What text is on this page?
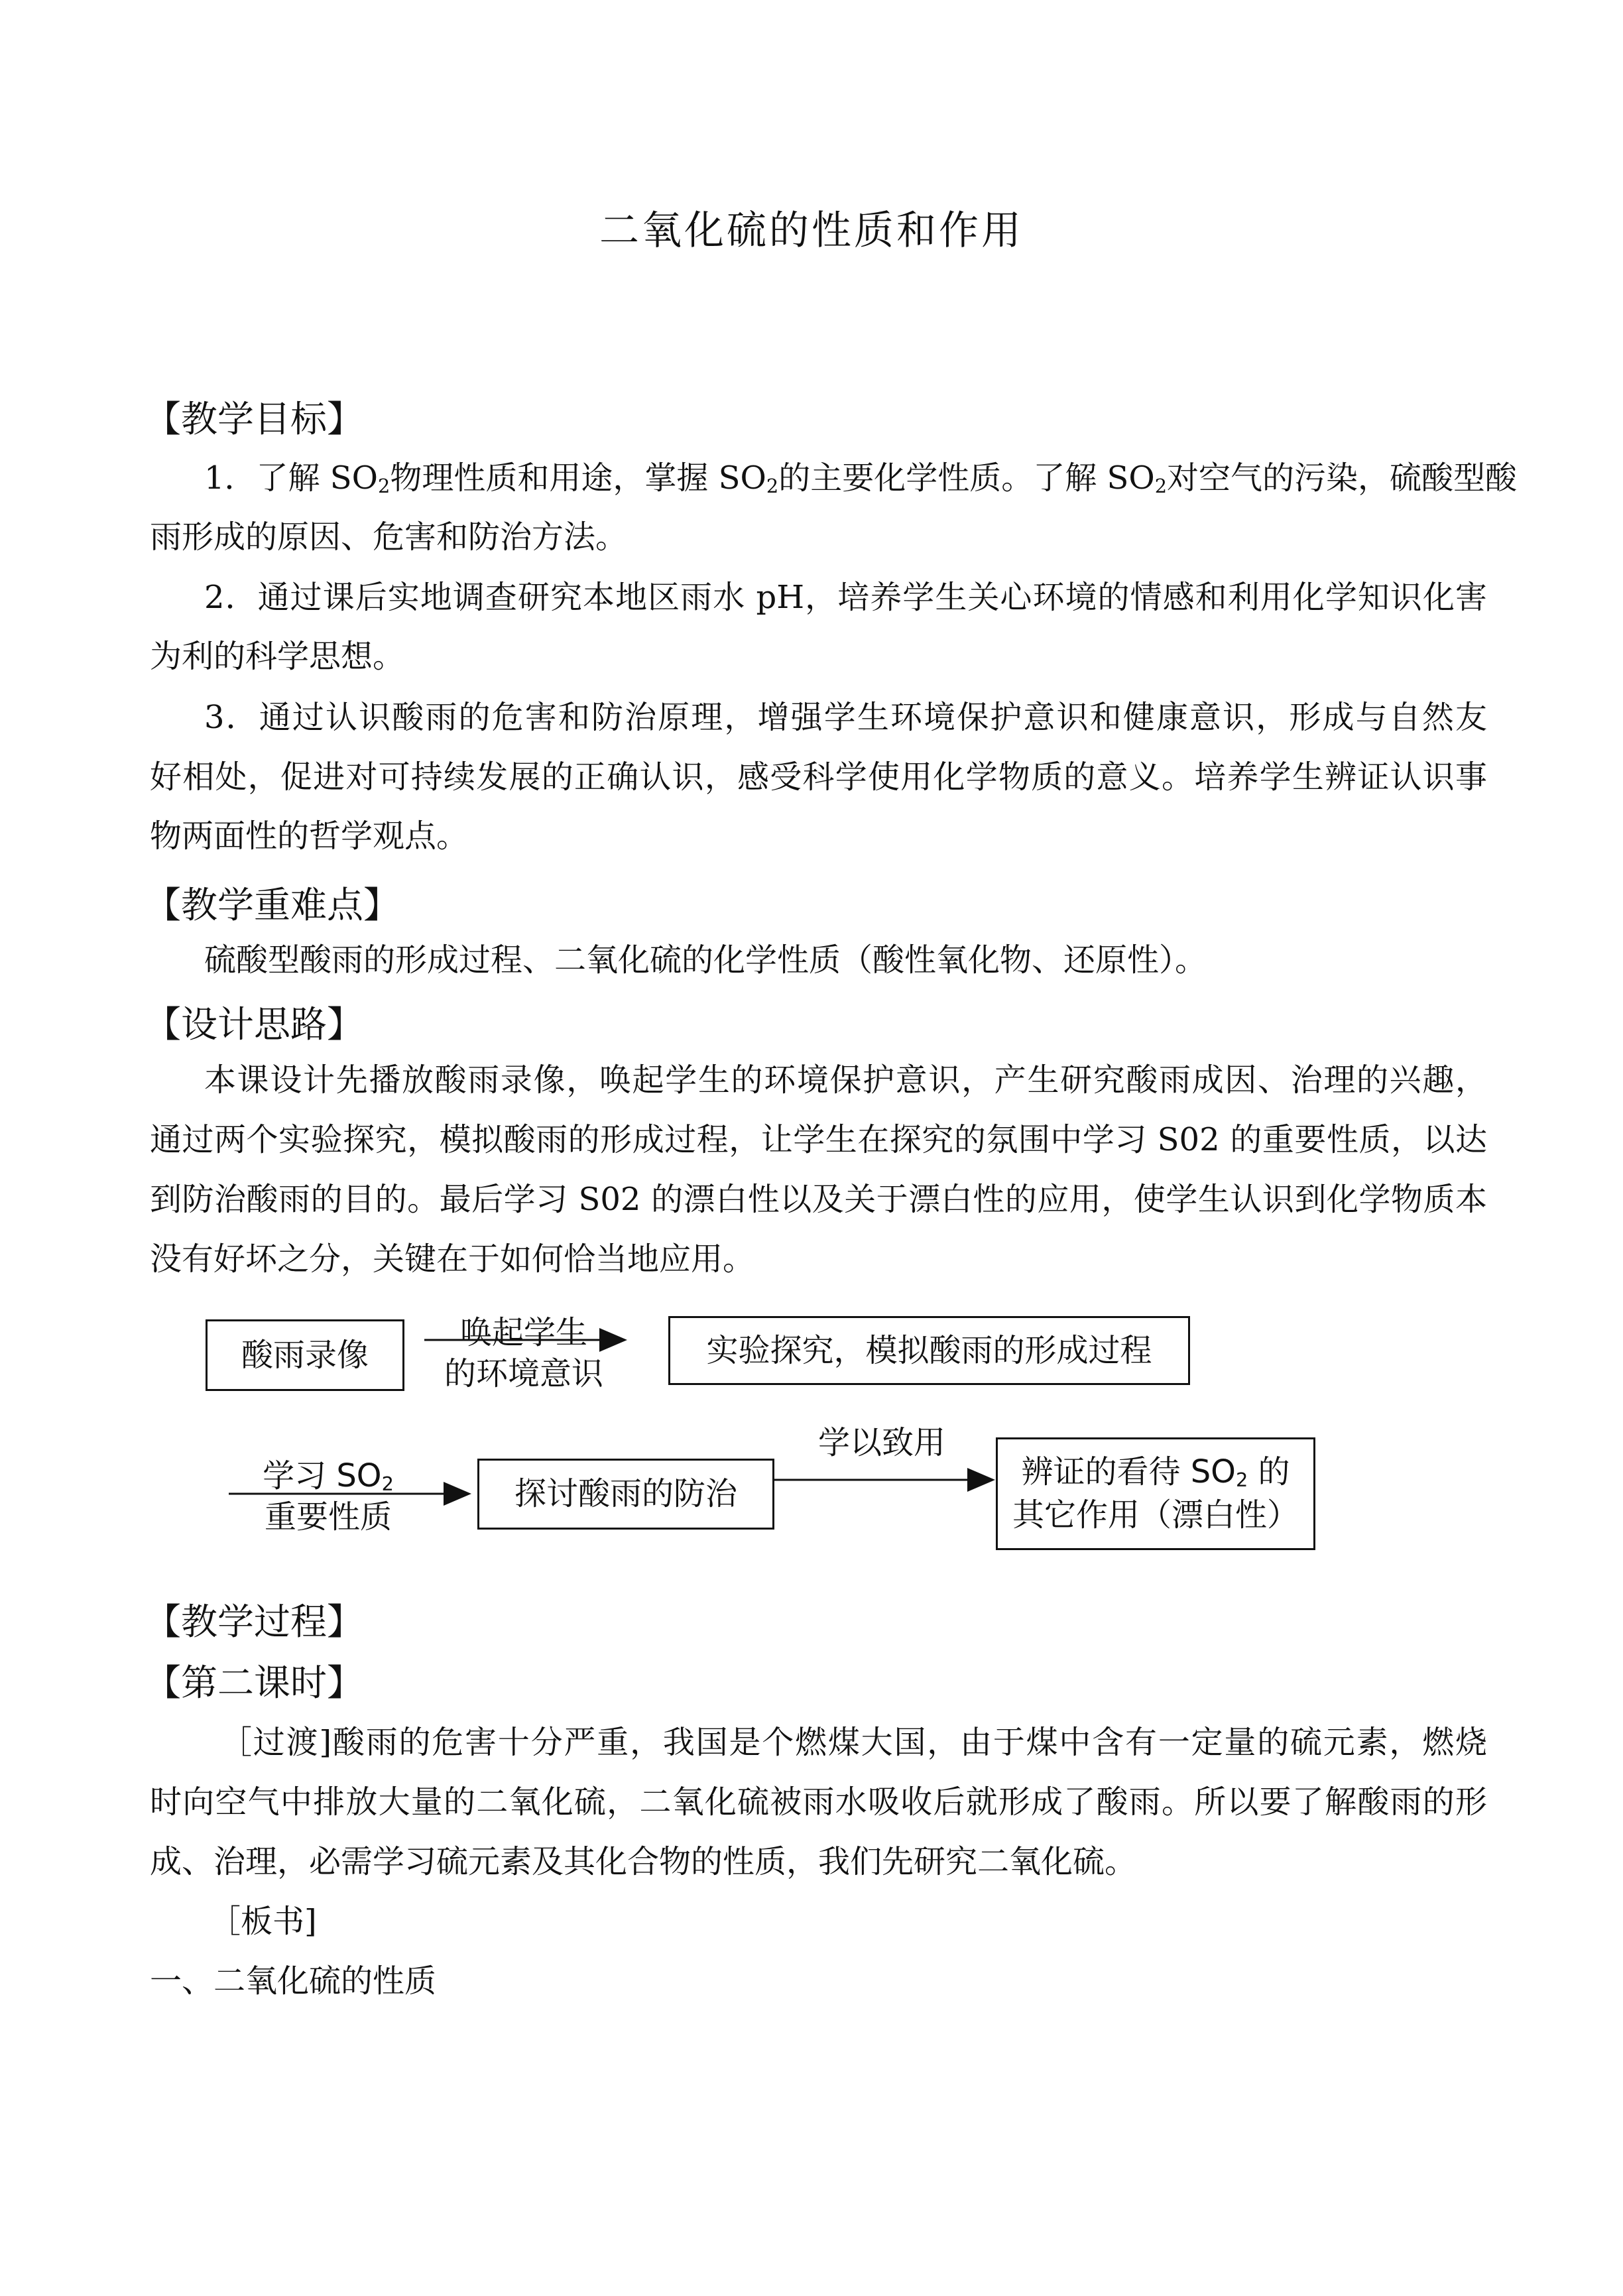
二氧化硫的性质和作用
【教学目标】
1．了解 $SO_2$物理性质和用途，掌握 $SO_2$的主要化学性质。了解 $SO_2$对空气的污染，硫酸型酸
雨形成的原因、危害和防治方法。
2．通过课后实地调查研究本地区雨水 pH，培养学生关心环境的情感和利用化学知识化害
为利的科学思想。
3．通过认识酸雨的危害和防治原理，增强学生环境保护意识和健康意识，形成与自然友
好相处，促进对可持续发展的正确认识，感受科学使用化学物质的意义。培养学生辨证认识事
物两面性的哲学观点。
【教学重难点】
硫酸型酸雨的形成过程、二氧化硫的化学性质（酸性氧化物、还原性）。
【设计思路】
本课设计先播放酸雨录像，唤起学生的环境保护意识，产生研究酸雨成因、治理的兴趣，
通过两个实验探究，模拟酸雨的形成过程，让学生在探究的氛围中学习 S02 的重要性质，以达
到防治酸雨的目的。最后学习 S02 的漂白性以及关于漂白性的应用，使学生认识到化学物质本
没有好坏之分，关键在于如何恰当地应用。
酸雨录像
唤起学生
的环境意识
实验探究，模拟酸雨的形成过程
学习 $SO_2$
重要性质
探讨酸雨的防治
学以致用
辨证的看待 $SO_2$ 的
其它作用（漂白性）
【教学过程】
【第二课时】
［过渡]酸雨的危害十分严重，我国是个燃煤大国，由于煤中含有一定量的硫元素，燃烧
时向空气中排放大量的二氧化硫，二氧化硫被雨水吸收后就形成了酸雨。所以要了解酸雨的形
成、治理，必需学习硫元素及其化合物的性质，我们先研究二氧化硫。
［板书]
一、二氧化硫的性质
